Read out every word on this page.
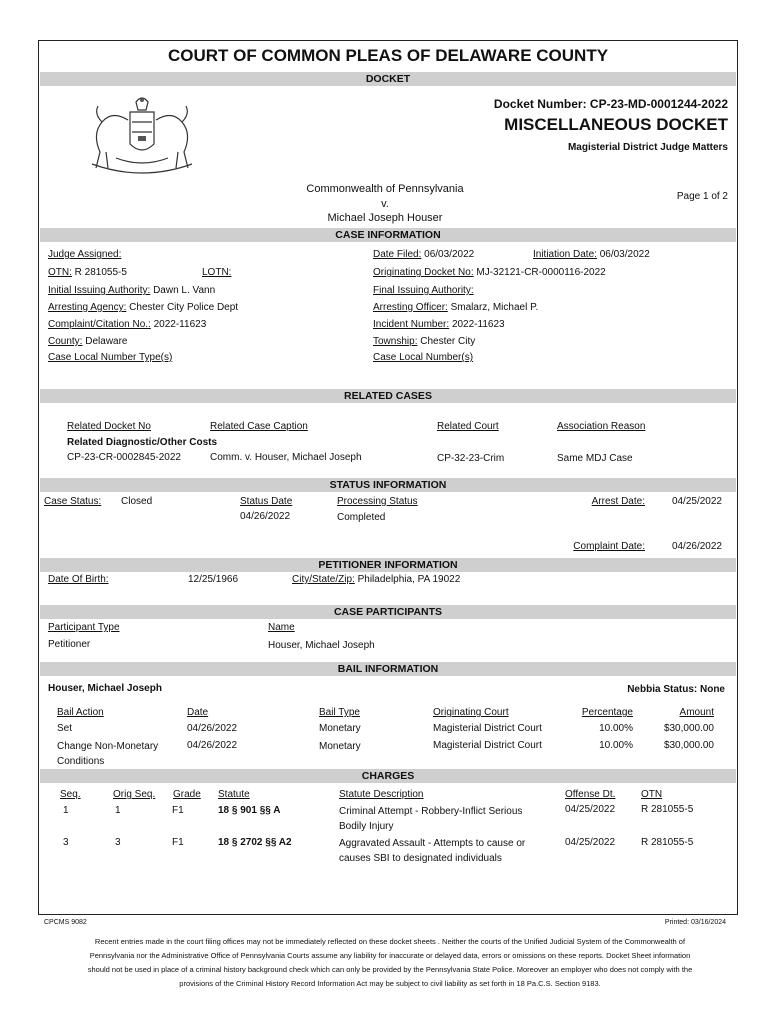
COURT OF COMMON PLEAS OF DELAWARE COUNTY
DOCKET
Docket Number: CP-23-MD-0001244-2022
MISCELLANEOUS DOCKET
Magisterial District Judge Matters
Commonwealth of Pennsylvania
v.
Michael Joseph Houser
Page 1 of 2
CASE INFORMATION
Judge Assigned:	Date Filed: 06/03/2022	Initiation Date: 06/03/2022
OTN: R 281055-5	LOTN:	Originating Docket No: MJ-32121-CR-0000116-2022
Initial Issuing Authority: Dawn L. Vann	Final Issuing Authority:
Arresting Agency: Chester City Police Dept	Arresting Officer: Smalarz, Michael P.
Complaint/Citation No.: 2022-11623	Incident Number: 2022-11623
County: Delaware	Township: Chester City
Case Local Number Type(s)	Case Local Number(s)
RELATED CASES
Related Docket No	Related Case Caption	Related Court	Association Reason
Related Diagnostic/Other Costs
CP-23-CR-0002845-2022	Comm. v. Houser, Michael Joseph	CP-32-23-Crim	Same MDJ Case
STATUS INFORMATION
Case Status: Closed	Status Date
04/26/2022
Processing Status
Completed
Arrest Date:	04/25/2022
Complaint Date:	04/26/2022
PETITIONER INFORMATION
Date Of Birth:	12/25/1966	City/State/Zip: Philadelphia, PA 19022
CASE PARTICIPANTS
Participant Type	Name
Petitioner	Houser, Michael Joseph
BAIL INFORMATION
Houser, Michael Joseph	Nebbia Status: None
Bail Action	Date	Bail Type	Originating Court	Percentage	Amount
Set	04/26/2022	Monetary	Magisterial District Court	10.00%	$30,000.00
Change Non-Monetary
Conditions
04/26/2022	Monetary	Magisterial District Court	10.00%	$30,000.00
CHARGES
Seq.	Orig Seq. Grade Statute	Statute Description	Offense Dt.	OTN
1	1	F1	18 § 901 §§ A	Criminal Attempt - Robbery-Inflict Serious
Bodily Injury
04/25/2022	R 281055-5
3	3	F1	18 § 2702 §§ A2	Aggravated Assault - Attempts to cause or
causes SBI to designated individuals
04/25/2022	R 281055-5
CPCMS 9082	Printed: 03/16/2024
Recent entries made in the court filing offices may not be immediately reflected on these docket sheets . Neither the courts of the Unified Judicial System of the Commonwealth of Pennsylvania nor the Administrative Office of Pennsylvania Courts assume any liability for inaccurate or delayed data, errors or omissions on these reports. Docket Sheet information should not be used in place of a criminal history background check which can only be provided by the Pennsylvania State Police. Moreover an employer who does not comply with the provisions of the Criminal History Record Information Act may be subject to civil liability as set forth in 18 Pa.C.S. Section 9183.
